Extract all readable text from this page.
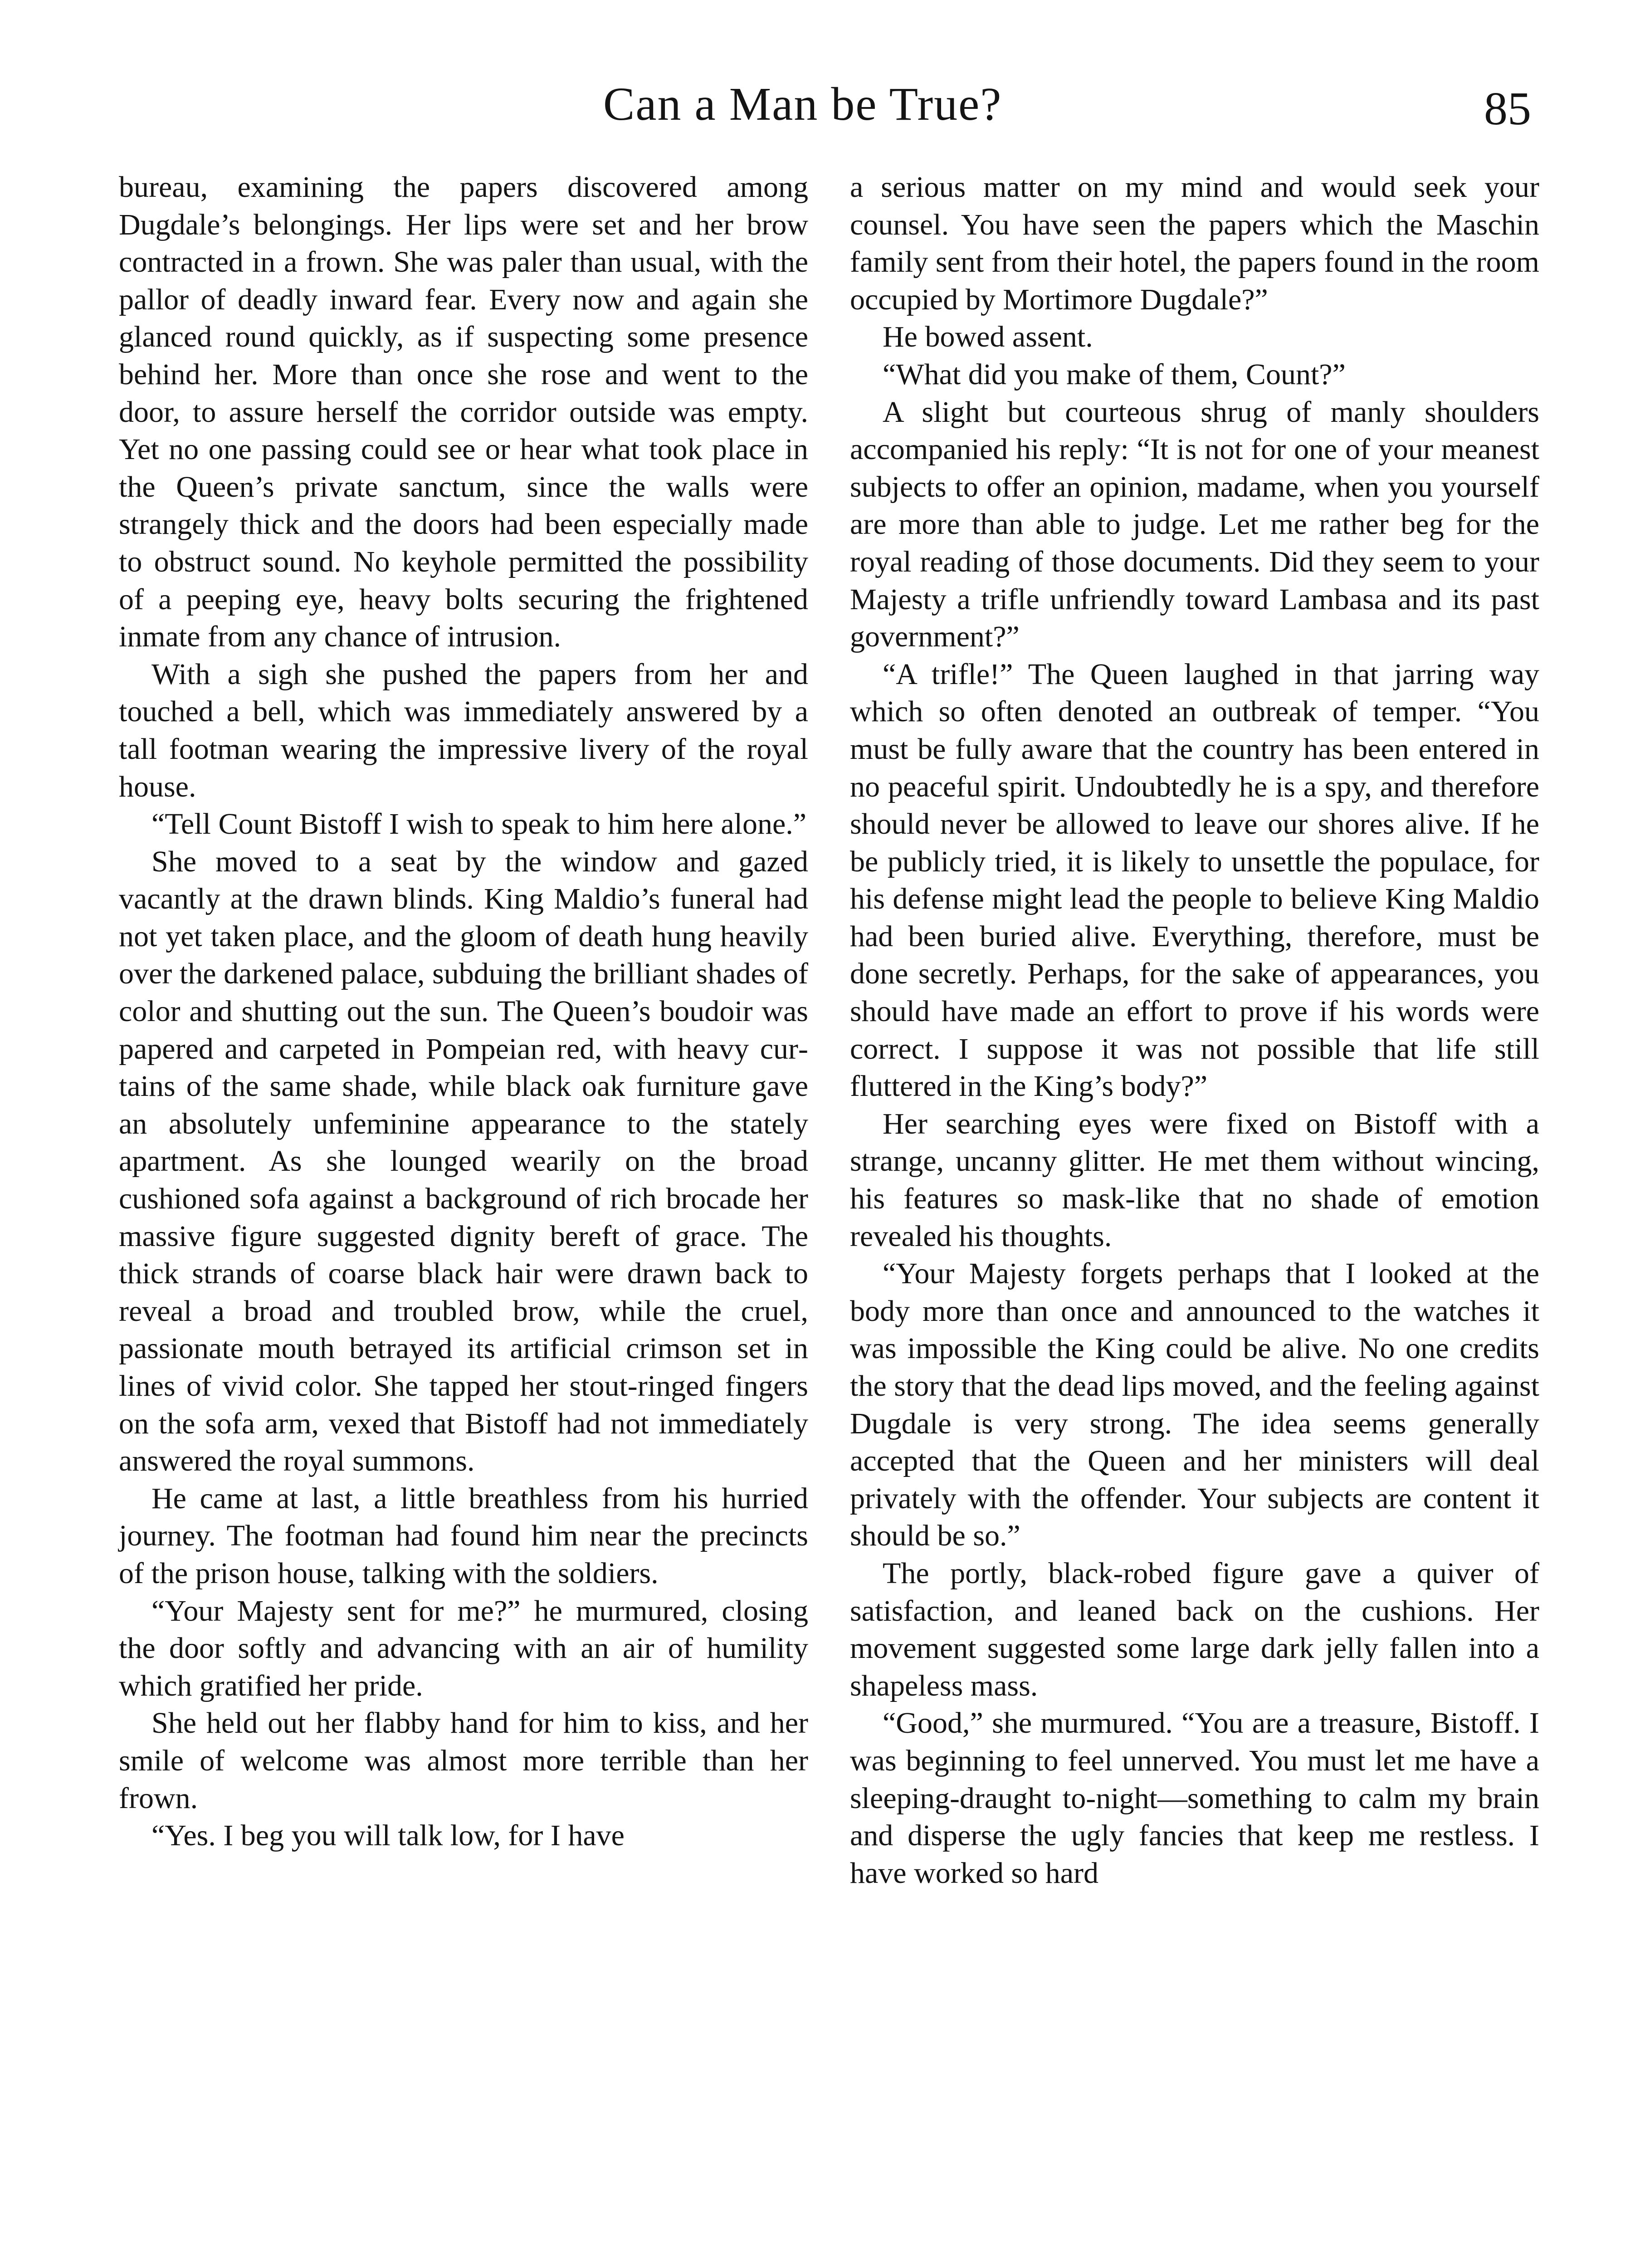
Can a Man be True?	85

bureau, examining the papers discovered among Dugdale’s belongings. Her lips were set and her brow contracted in a frown. She was paler than usual, with the pallor of deadly inward fear. Every now and again she glanced round quickly, as if suspecting some presence behind her. More than once she rose and went to the door, to assure herself the corridor outside was empty. Yet no one passing could see or hear what took place in the Queen’s private sanctum, since the walls were strangely thick and the doors had been especially made to obstruct sound. No keyhole permitted the possibility of a peeping eye, heavy bolts securing the frightened inmate from any chance of intrusion.

With a sigh she pushed the papers from her and touched a bell, which was immediately answered by a tall footman wearing the impressive livery of the royal house.

“Tell Count Bistoff I wish to speak to him here alone.”

She moved to a seat by the window and gazed vacantly at the drawn blinds. King Maldio’s funeral had not yet taken place, and the gloom of death hung heavily over the darkened palace, subduing the brilliant shades of color and shutting out the sun. The Queen’s boudoir was papered and carpeted in Pompeian red, with heavy curtains of the same shade, while black oak furniture gave an absolutely unfeminine appearance to the stately apartment. As she lounged wearily on the broad cushioned sofa against a background of rich brocade her massive figure suggested dignity bereft of grace. The thick strands of coarse black hair were drawn back to reveal a broad and troubled brow, while the cruel, passionate mouth betrayed its artificial crimson set in lines of vivid color. She tapped her stout-ringed fingers on the sofa arm, vexed that Bistoff had not immediately answered the royal summons.

He came at last, a little breathless from his hurried journey. The footman had found him near the precincts of the prison house, talking with the soldiers.

“Your Majesty sent for me?” he murmured, closing the door softly and advancing with an air of humility which gratified her pride.

She held out her flabby hand for him to kiss, and her smile of welcome was almost more terrible than her frown.

“Yes. I beg you will talk low, for I have

a serious matter on my mind and would seek your counsel. You have seen the papers which the Maschin family sent from their hotel, the papers found in the room occupied by Mortimore Dugdale?”

He bowed assent.

“What did you make of them, Count?”

A slight but courteous shrug of manly shoulders accompanied his reply: “It is not for one of your meanest subjects to offer an opinion, madame, when you yourself are more than able to judge. Let me rather beg for the royal reading of those documents. Did they seem to your Majesty a trifle unfriendly toward Lambasa and its past government?”

“A trifle!” The Queen laughed in that jarring way which so often denoted an outbreak of temper. “You must be fully aware that the country has been entered in no peaceful spirit. Undoubtedly he is a spy, and therefore should never be allowed to leave our shores alive. If he be publicly tried, it is likely to unsettle the populace, for his defense might lead the people to believe King Maldio had been buried alive. Everything, therefore, must be done secretly. Perhaps, for the sake of appearances, you should have made an effort to prove if his words were correct. I suppose it was not possible that life still fluttered in the King’s body?”

Her searching eyes were fixed on Bistoff with a strange, uncanny glitter. He met them without wincing, his features so mask-like that no shade of emotion revealed his thoughts.

“Your Majesty forgets perhaps that I looked at the body more than once and announced to the watches it was impossible the King could be alive. No one credits the story that the dead lips moved, and the feeling against Dugdale is very strong. The idea seems generally accepted that the Queen and her ministers will deal privately with the offender. Your subjects are content it should be so.”

The portly, black-robed figure gave a quiver of satisfaction, and leaned back on the cushions. Her movement suggested some large dark jelly fallen into a shapeless mass.

“Good,” she murmured. “You are a treasure, Bistoff. I was beginning to feel unnerved. You must let me have a sleeping-draught to-night—something to calm my brain and disperse the ugly fancies that keep me restless. I have worked so hard
